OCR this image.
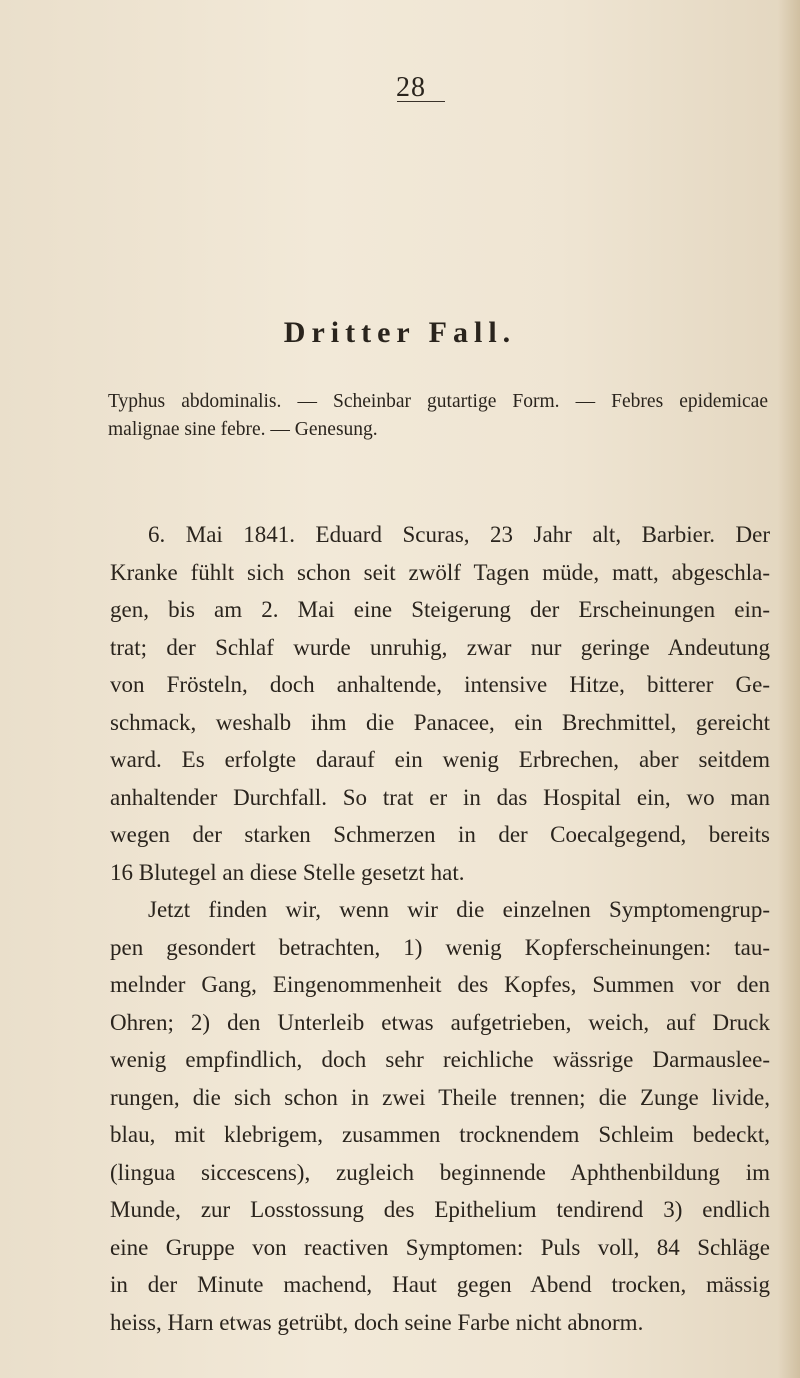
28
Dritter Fall.
Typhus abdominalis. — Scheinbar gutartige Form. — Febres epidemicae
malignae sine febre. — Genesung.
6. Mai 1841. Eduard Scuras, 23 Jahr alt, Barbier. Der
Kranke fühlt sich schon seit zwölf Tagen müde, matt, abgeschla-
gen, bis am 2. Mai eine Steigerung der Erscheinungen ein-
trat; der Schlaf wurde unruhig, zwar nur geringe Andeutung
von Frösteln, doch anhaltende, intensive Hitze, bitterer Ge-
schmack, weshalb ihm die Panacee, ein Brechmittel, gereicht
ward. Es erfolgte darauf ein wenig Erbrechen, aber seitdem
anhaltender Durchfall. So trat er in das Hospital ein, wo man
wegen der starken Schmerzen in der Coecalgegend, bereits
16 Blutegel an diese Stelle gesetzt hat.
Jetzt finden wir, wenn wir die einzelnen Symptomengrup-
pen gesondert betrachten, 1) wenig Kopferscheinungen: tau-
melnder Gang, Eingenommenheit des Kopfes, Summen vor den
Ohren; 2) den Unterleib etwas aufgetrieben, weich, auf Druck
wenig empfindlich, doch sehr reichliche wässrige Darmauslee-
rungen, die sich schon in zwei Theile trennen; die Zunge livide,
blau, mit klebrigem, zusammen trocknendem Schleim bedeckt,
(lingua siccescens), zugleich beginnende Aphthenbildung im
Munde, zur Losstossung des Epithelium tendirend 3) endlich
eine Gruppe von reactiven Symptomen: Puls voll, 84 Schläge
in der Minute machend, Haut gegen Abend trocken, mässig
heiss, Harn etwas getrübt, doch seine Farbe nicht abnorm.
